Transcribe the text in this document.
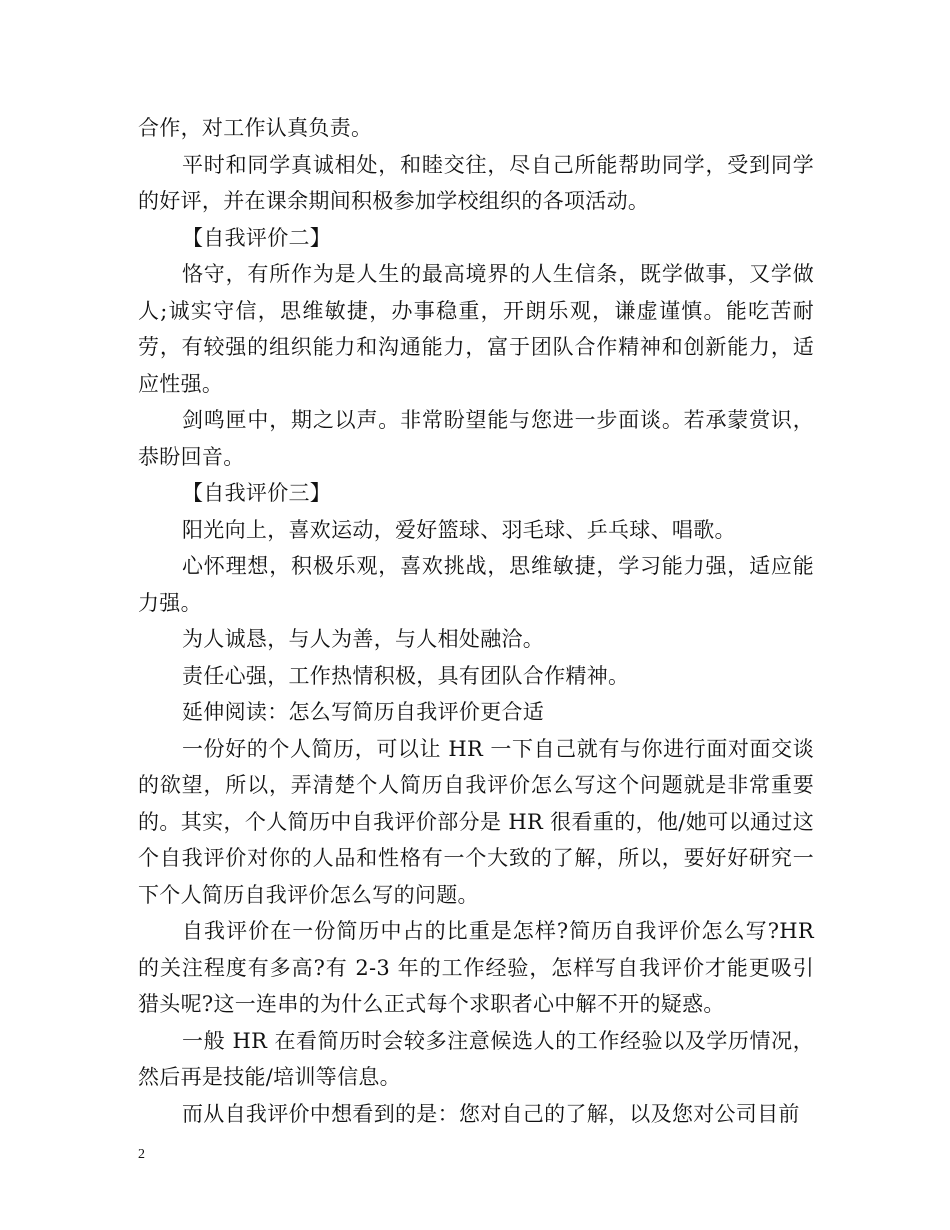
合作，对工作认真负责。

平时和同学真诚相处，和睦交往，尽自己所能帮助同学，受到同学的好评，并在课余期间积极参加学校组织的各项活动。

【自我评价二】

恪守，有所作为是人生的最高境界的人生信条，既学做事，又学做人;诚实守信，思维敏捷，办事稳重，开朗乐观，谦虚谨慎。能吃苦耐劳，有较强的组织能力和沟通能力，富于团队合作精神和创新能力，适应性强。

剑鸣匣中，期之以声。非常盼望能与您进一步面谈。若承蒙赏识，恭盼回音。

【自我评价三】

阳光向上，喜欢运动，爱好篮球、羽毛球、乒乓球、唱歌。

心怀理想，积极乐观，喜欢挑战，思维敏捷，学习能力强，适应能力强。

为人诚恳，与人为善，与人相处融洽。

责任心强，工作热情积极，具有团队合作精神。

延伸阅读：怎么写简历自我评价更合适

一份好的个人简历，可以让 HR 一下自己就有与你进行面对面交谈的欲望，所以，弄清楚个人简历自我评价怎么写这个问题就是非常重要的。其实，个人简历中自我评价部分是 HR 很看重的，他/她可以通过这个自我评价对你的人品和性格有一个大致的了解，所以，要好好研究一下个人简历自我评价怎么写的问题。

自我评价在一份简历中占的比重是怎样?简历自我评价怎么写?HR 的关注程度有多高?有 2-3 年的工作经验，怎样写自我评价才能更吸引猎头呢?这一连串的为什么正式每个求职者心中解不开的疑惑。

一般 HR 在看简历时会较多注意候选人的工作经验以及学历情况，然后再是技能/培训等信息。

而从自我评价中想看到的是：您对自己的了解，以及您对公司目前

2
